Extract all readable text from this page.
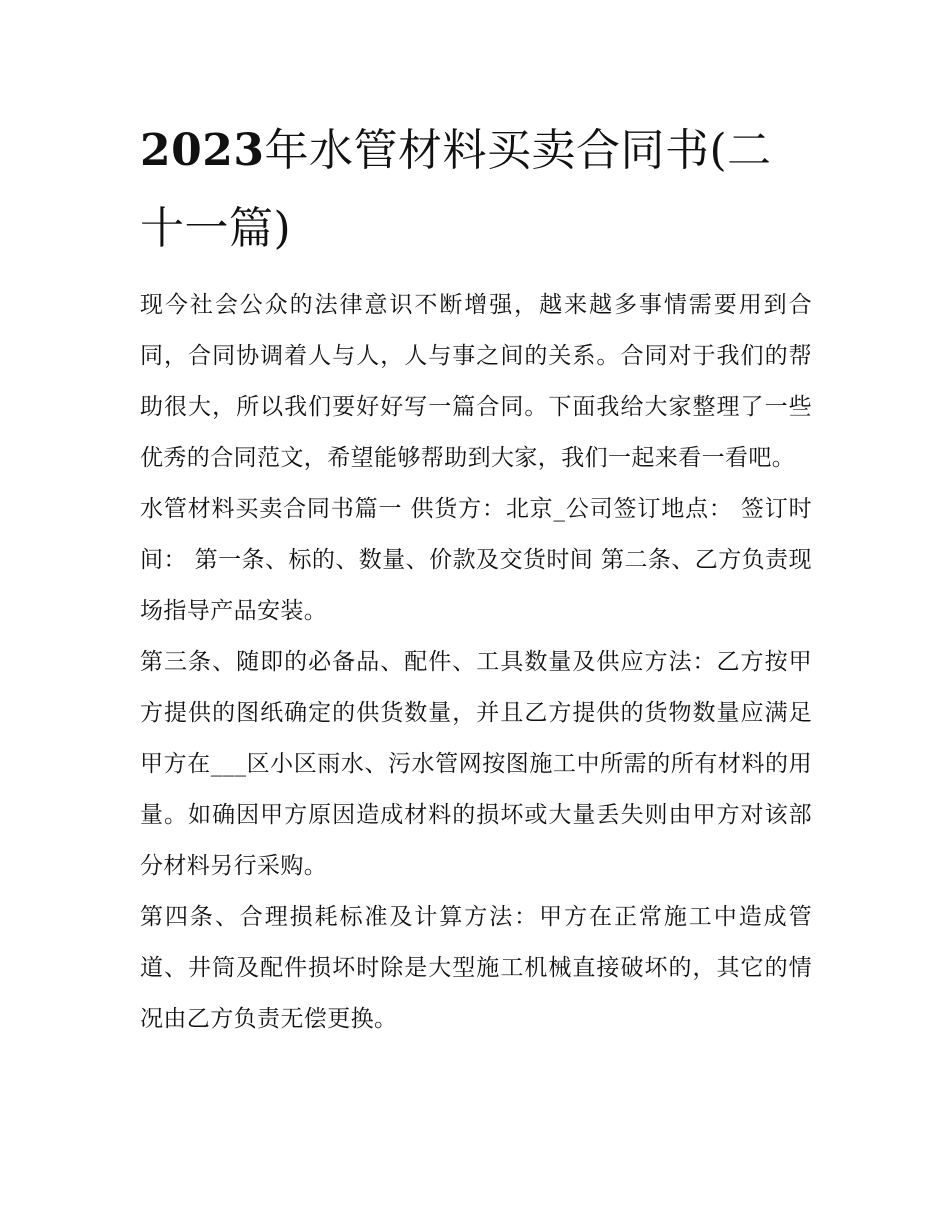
2023年水管材料买卖合同书(二十一篇)

现今社会公众的法律意识不断增强，越来越多事情需要用到合同，合同协调着人与人，人与事之间的关系。合同对于我们的帮助很大，所以我们要好好写一篇合同。下面我给大家整理了一些优秀的合同范文，希望能够帮助到大家，我们一起来看一看吧。

水管材料买卖合同书篇一 供货方：北京_公司签订地点： 签订时间： 第一条、标的、数量、价款及交货时间 第二条、乙方负责现场指导产品安装。

第三条、随即的必备品、配件、工具数量及供应方法：乙方按甲方提供的图纸确定的供货数量，并且乙方提供的货物数量应满足甲方在___区小区雨水、污水管网按图施工中所需的所有材料的用量。如确因甲方原因造成材料的损坏或大量丢失则由甲方对该部分材料另行采购。

第四条、合理损耗标准及计算方法：甲方在正常施工中造成管道、井筒及配件损坏时除是大型施工机械直接破坏的，其它的情况由乙方负责无偿更换。
